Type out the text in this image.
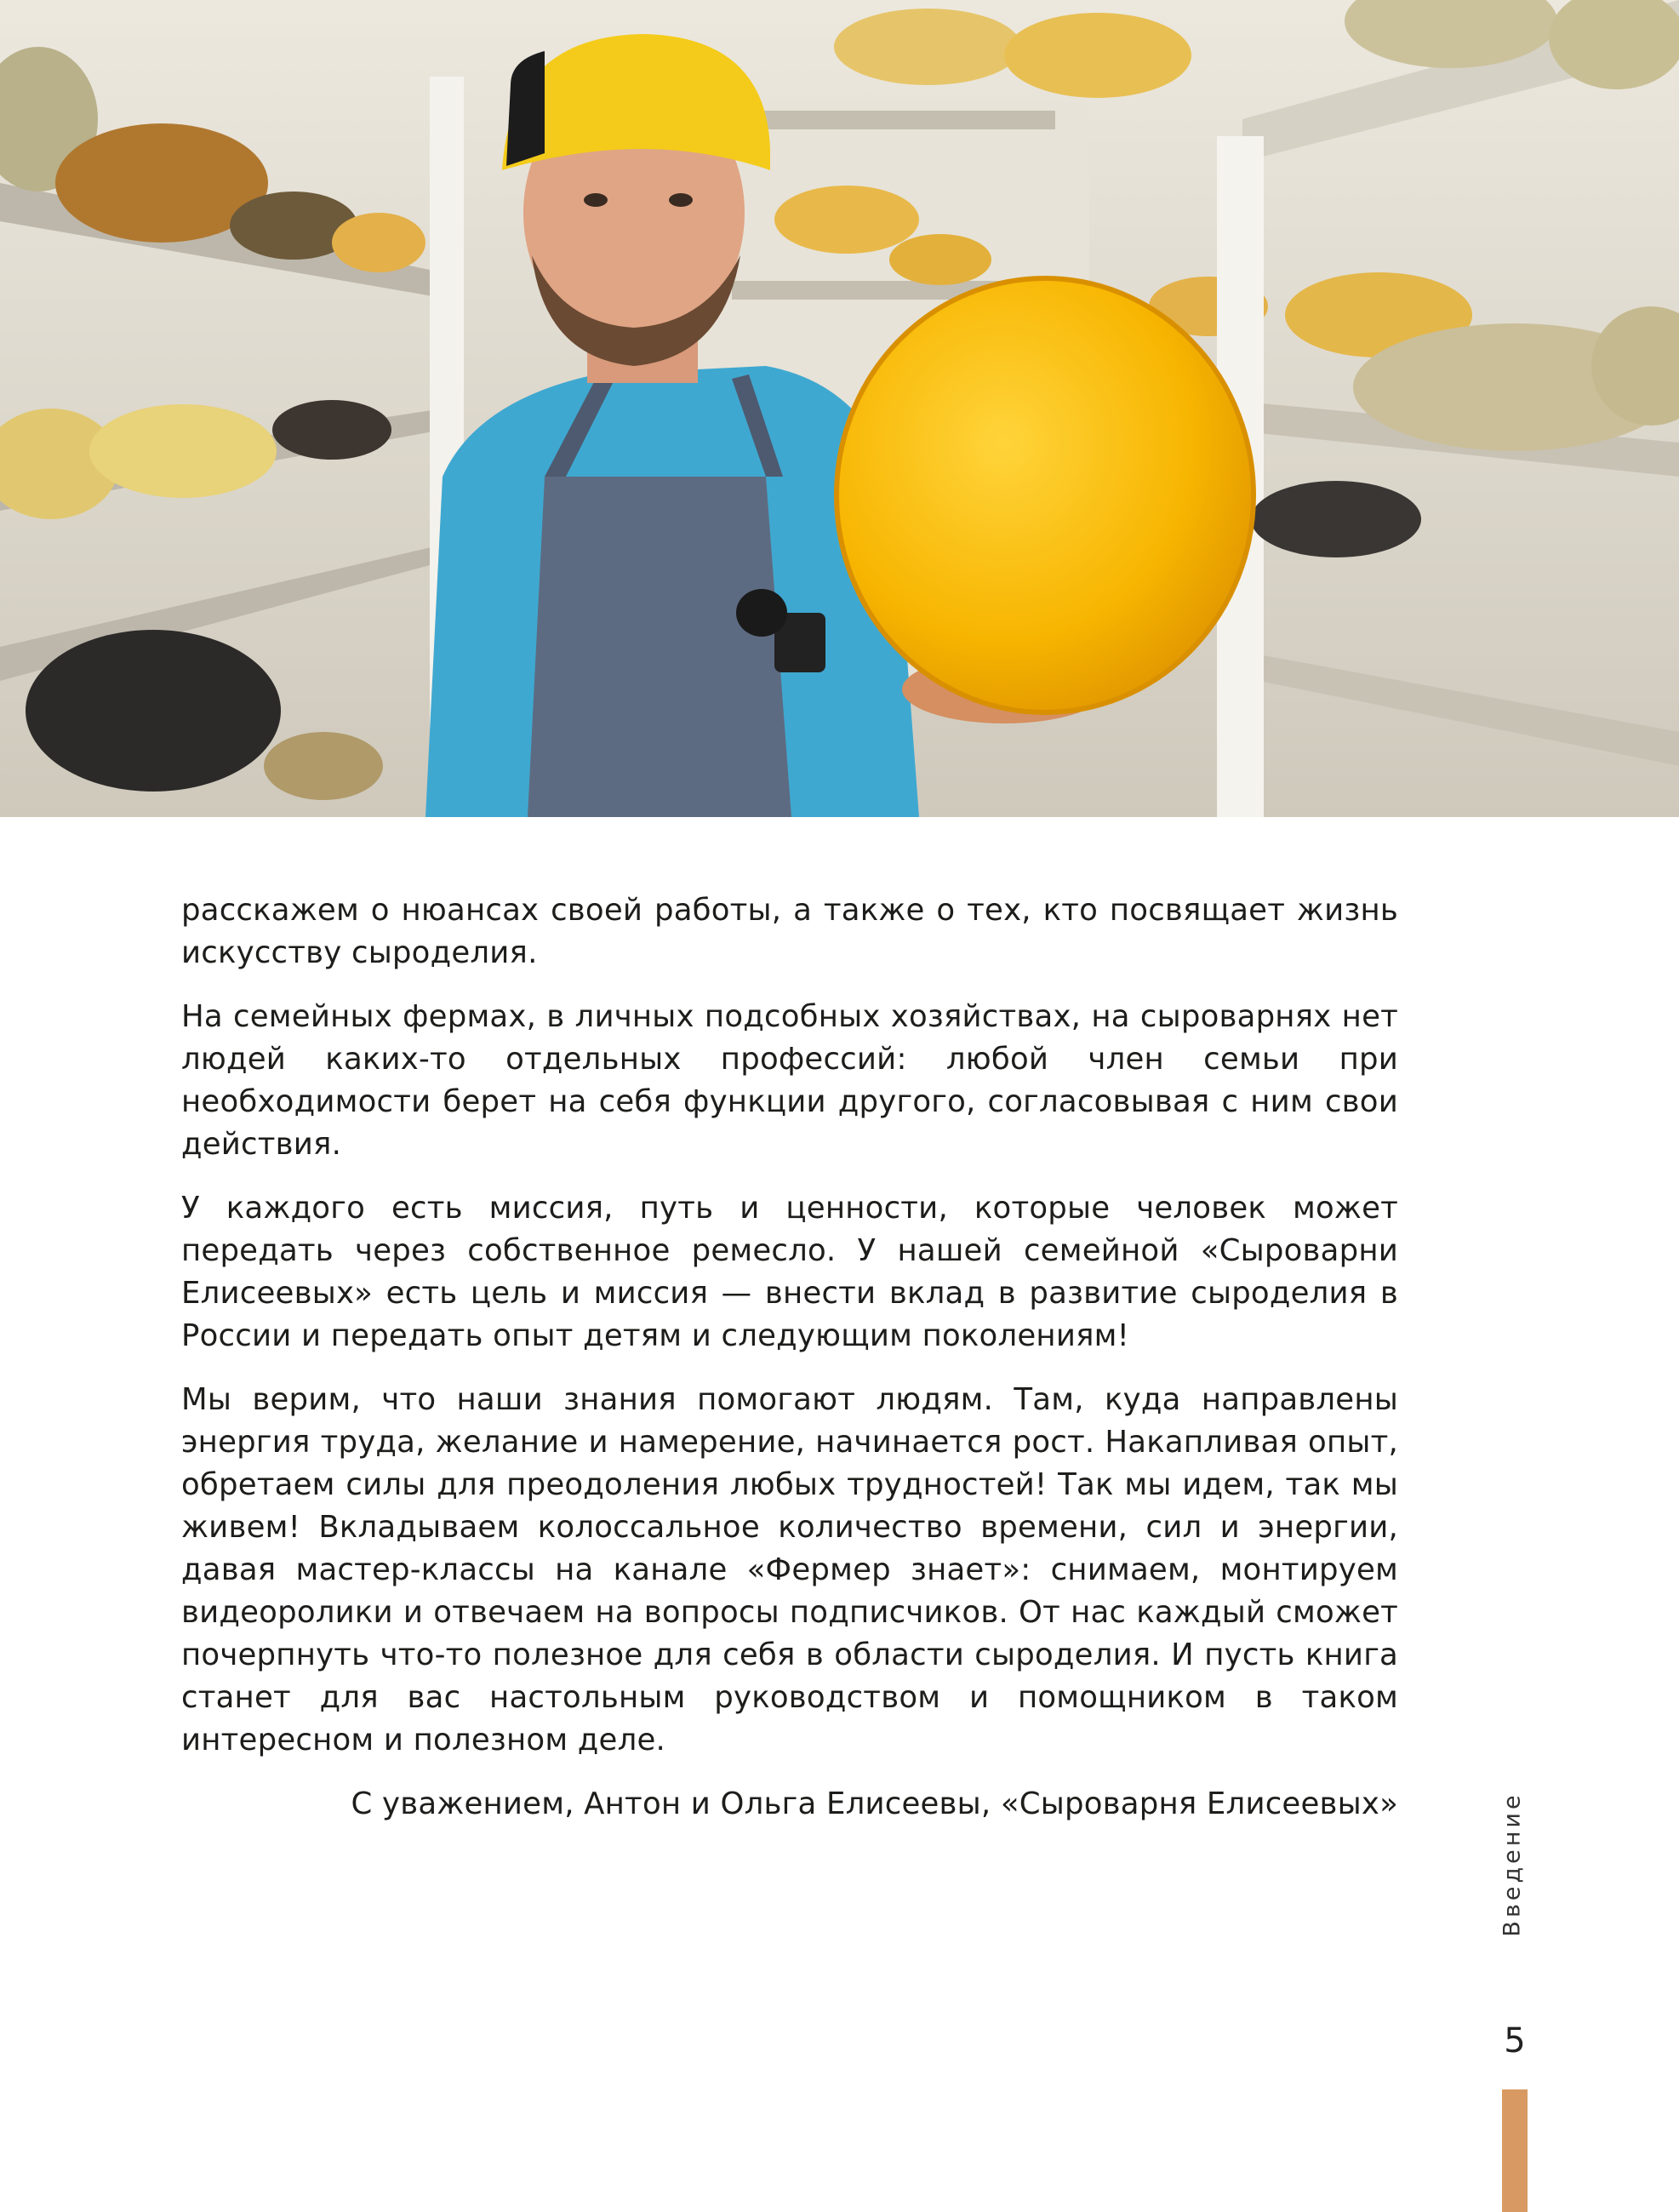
расскажем о нюансах своей работы, а также о тех, кто посвящает жизнь искусству сыроделия.

На семейных фермах, в личных подсобных хозяйствах, на сыроварнях нет людей каких-то отдельных профессий: любой член семьи при необходимости берет на себя функции другого, согласовывая с ним свои действия.

У каждого есть миссия, путь и ценности, которые человек может передать через собственное ремесло. У нашей семейной «Сыроварни Елисеевых» есть цель и миссия — внести вклад в развитие сыроделия в России и передать опыт детям и следующим поколениям!

Мы верим, что наши знания помогают людям. Там, куда направлены энергия труда, желание и намерение, начинается рост. Накапливая опыт, обретаем силы для преодоления любых трудностей! Так мы идем, так мы живем! Вкладываем колоссальное количество времени, сил и энергии, давая мастер-классы на канале «Фермер знает»: снимаем, монтируем видеоролики и отвечаем на вопросы подписчиков. От нас каждый сможет почерпнуть что-то полезное для себя в области сыроделия. И пусть книга станет для вас настольным руководством и помощником в таком интересном и полезном деле.

С уважением, Антон и Ольга Елисеевы, «Сыроварня Елисеевых»	Введение
5
